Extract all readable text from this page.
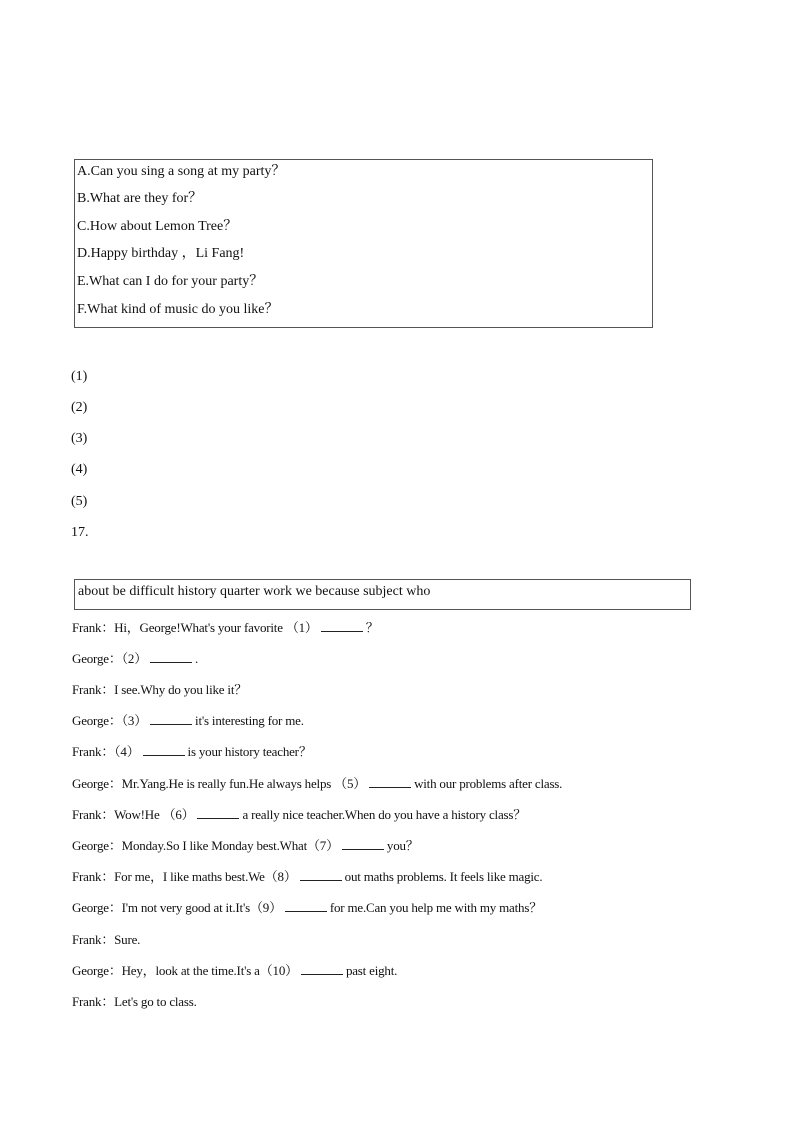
A.Can you sing a song at my party？
B.What are they for？
C.How about Lemon Tree？
D.Happy birthday ，Li Fang!
E.What can I do for your party？
F.What kind of music do you like？
(1)
(2)
(3)
(4)
(5)
17.
about be difficult history quarter work we because subject who
Frank：Hi，George!What's your favorite （1）	？
George：（2）	.
Frank：I see.Why do you like it？
George：（3）	it's interesting for me.
Frank：（4）	is your history teacher？
George：Mr.Yang.He is really fun.He always helps （5）	with our problems after class.
Frank：Wow!He （6）	a really nice teacher.When do you have a history class？
George：Monday.So I like Monday best.What（7）	you？
Frank：For me，I like maths best.We（8）	out maths problems. It feels like magic.
George：I'm not very good at it.It's（9）	for me.Can you help me with my maths？
Frank：Sure.
George：Hey，look at the time.It's a（10）	past eight.
Frank：Let's go to class.
